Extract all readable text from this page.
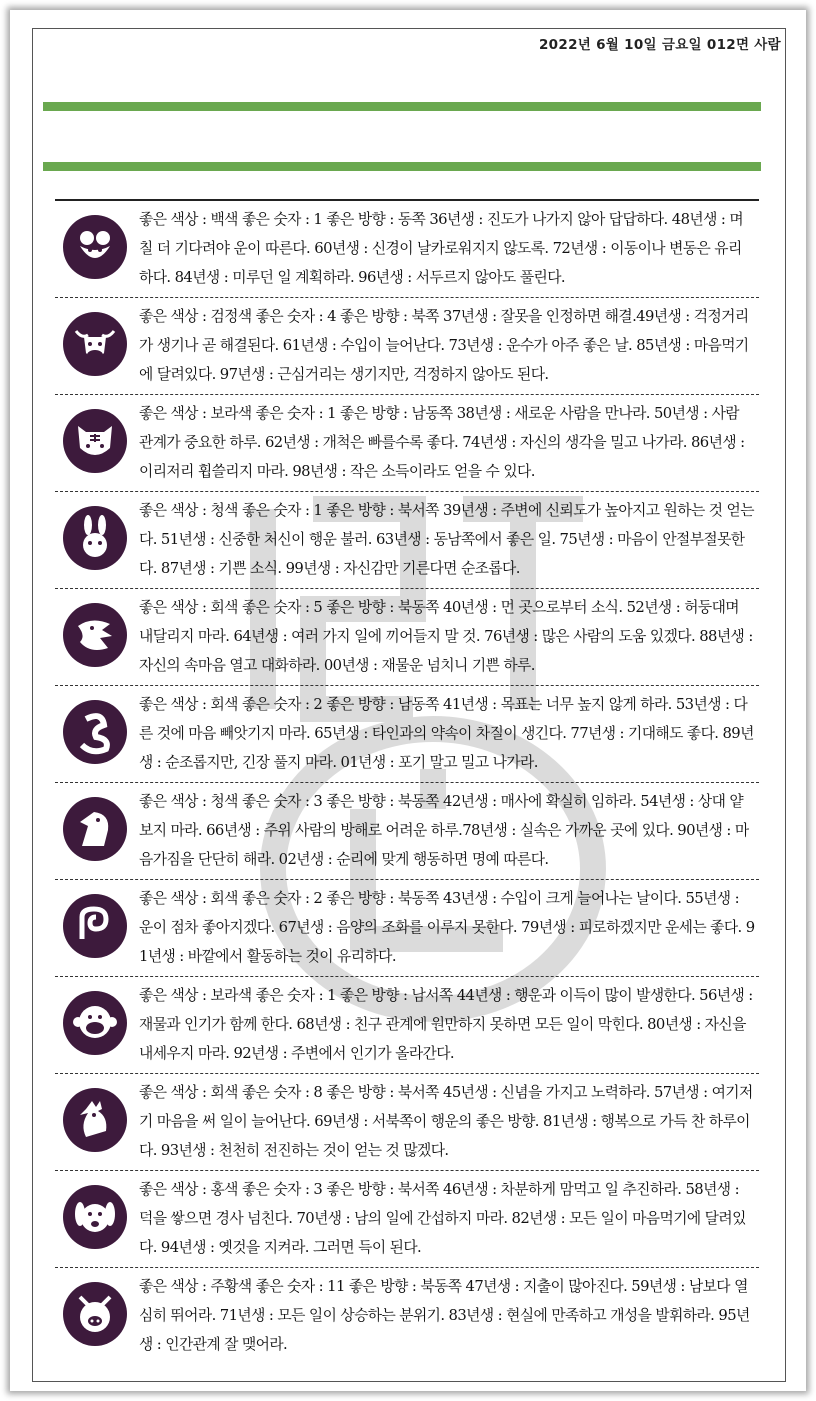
2022년 6월 10일 금요일 012면 사람
좋은 색상 : 백색 좋은 숫자 : 1 좋은 방향 : 동쪽 36년생 : 진도가 나가지 않아 답답하다. 48년생 : 며칠 더 기다려야 운이 따른다. 60년생 : 신경이 날카로워지지 않도록. 72년생 : 이동이나 변동은 유리하다. 84년생 : 미루던 일 계획하라. 96년생 : 서두르지 않아도 풀린다.
좋은 색상 : 검정색 좋은 숫자 : 4 좋은 방향 : 북쪽 37년생 : 잘못을 인정하면 해결.49년생 : 걱정거리가 생기나 곧 해결된다. 61년생 : 수입이 늘어난다. 73년생 : 운수가 아주 좋은 날. 85년생 : 마음먹기에 달려있다. 97년생 : 근심거리는 생기지만, 걱정하지 않아도 된다.
좋은 색상 : 보라색 좋은 숫자 : 1 좋은 방향 : 남동쪽 38년생 : 새로운 사람을 만나라. 50년생 : 사람 관계가 중요한 하루. 62년생 : 개척은 빠를수록 좋다. 74년생 : 자신의 생각을 밀고 나가라. 86년생 : 이리저리 휩쓸리지 마라. 98년생 : 작은 소득이라도 얻을 수 있다.
좋은 색상 : 청색 좋은 숫자 : 1 좋은 방향 : 북서쪽 39년생 : 주변에 신뢰도가 높아지고 원하는 것 얻는다. 51년생 : 신중한 처신이 행운 불러. 63년생 : 동남쪽에서 좋은 일. 75년생 : 마음이 안절부절못한다. 87년생 : 기쁜 소식. 99년생 : 자신감만 기른다면 순조롭다.
좋은 색상 : 회색 좋은 숫자 : 5 좋은 방향 : 북동쪽 40년생 : 먼 곳으로부터 소식. 52년생 : 허둥대며 내달리지 마라. 64년생 : 여러 가지 일에 끼어들지 말 것. 76년생 : 많은 사람의 도움 있겠다. 88년생 : 자신의 속마음 열고 대화하라. 00년생 : 재물운 넘치니 기쁜 하루.
좋은 색상 : 회색 좋은 숫자 : 2 좋은 방향 : 남동쪽 41년생 : 목표는 너무 높지 않게 하라. 53년생 : 다른 것에 마음 빼앗기지 마라. 65년생 : 타인과의 약속이 차질이 생긴다. 77년생 : 기대해도 좋다. 89년생 : 순조롭지만, 긴장 풀지 마라. 01년생 : 포기 말고 밀고 나가라.
좋은 색상 : 청색 좋은 숫자 : 3 좋은 방향 : 북동쪽 42년생 : 매사에 확실히 임하라. 54년생 : 상대 얕보지 마라. 66년생 : 주위 사람의 방해로 어려운 하루.78년생 : 실속은 가까운 곳에 있다. 90년생 : 마음가짐을 단단히 해라. 02년생 : 순리에 맞게 행동하면 명예 따른다.
좋은 색상 : 회색 좋은 숫자 : 2 좋은 방향 : 북동쪽 43년생 : 수입이 크게 늘어나는 날이다. 55년생 : 운이 점차 좋아지겠다. 67년생 : 음양의 조화를 이루지 못한다. 79년생 : 피로하겠지만 운세는 좋다. 91년생 : 바깥에서 활동하는 것이 유리하다.
좋은 색상 : 보라색 좋은 숫자 : 1 좋은 방향 : 남서쪽 44년생 : 행운과 이득이 많이 발생한다. 56년생 : 재물과 인기가 함께 한다. 68년생 : 친구 관계에 원만하지 못하면 모든 일이 막힌다. 80년생 : 자신을 내세우지 마라. 92년생 : 주변에서 인기가 올라간다.
좋은 색상 : 회색 좋은 숫자 : 8 좋은 방향 : 북서쪽 45년생 : 신념을 가지고 노력하라. 57년생 : 여기저기 마음을 써 일이 늘어난다. 69년생 : 서북쪽이 행운의 좋은 방향. 81년생 : 행복으로 가득 찬 하루이다. 93년생 : 천천히 전진하는 것이 얻는 것 많겠다.
좋은 색상 : 홍색 좋은 숫자 : 3 좋은 방향 : 북서쪽 46년생 : 차분하게 맘먹고 일 추진하라. 58년생 : 덕을 쌓으면 경사 넘친다. 70년생 : 남의 일에 간섭하지 마라. 82년생 : 모든 일이 마음먹기에 달려있다. 94년생 : 옛것을 지켜라. 그러면 득이 된다.
좋은 색상 : 주황색 좋은 숫자 : 11 좋은 방향 : 북동쪽 47년생 : 지출이 많아진다. 59년생 : 남보다 열심히 뛰어라. 71년생 : 모든 일이 상승하는 분위기. 83년생 : 현실에 만족하고 개성을 발휘하라. 95년생 : 인간관계 잘 맺어라.
